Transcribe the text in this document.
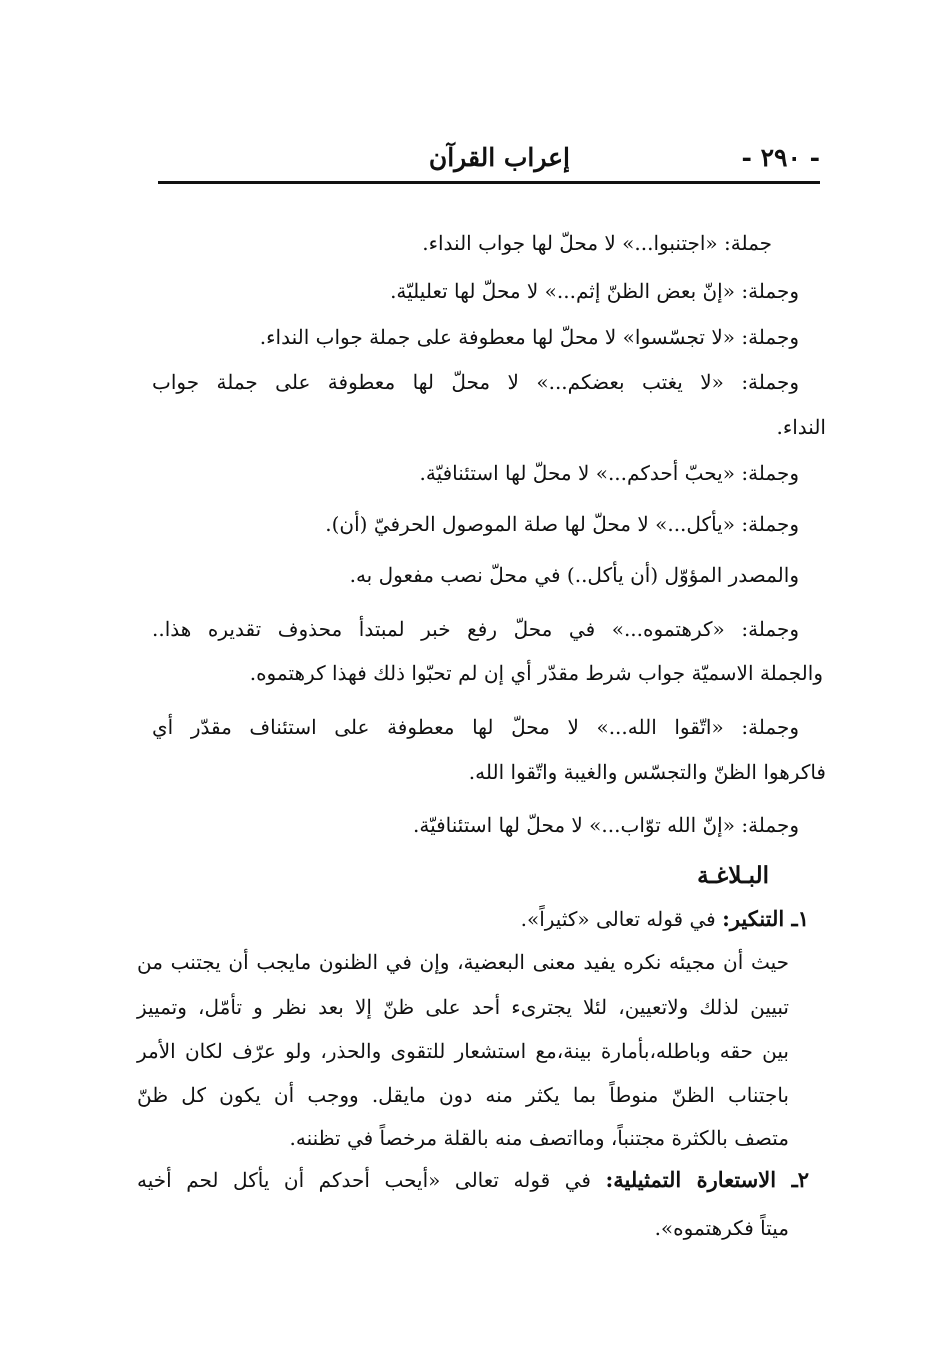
- ٢٩٠ -
إعراب القرآن
جملة: «اجتنبوا...» لا محلّ لها جواب النداء.
وجملة: «إنّ بعض الظنّ إثم...» لا محلّ لها تعليليّة.
وجملة: «لا تجسّسوا» لا محلّ لها معطوفة على جملة جواب النداء.
وجملة: «لا يغتب بعضكم...» لا محلّ لها معطوفة على جملة جواب
النداء.
وجملة: «يحبّ أحدكم...» لا محلّ لها استئنافيّة.
وجملة: «يأكل...» لا محلّ لها صلة الموصول الحرفيّ (أن).
والمصدر المؤوّل (أن يأكل..) في محلّ نصب مفعول به.
وجملة: «كرهتموه...» في محلّ رفع خبر لمبتدأ محذوف تقديره هذا..
والجملة الاسميّة جواب شرط مقدّر أي إن لم تحبّوا ذلك فهذا كرهتموه.
وجملة: «اتّقوا الله...» لا محلّ لها معطوفة على استئناف مقدّر أي
فاكرهوا الظنّ والتجسّس والغيبة واتّقوا الله.
وجملة: «إنّ الله توّاب...» لا محلّ لها استئنافيّة.
البـلاغـة
١ـ التنكير: في قوله تعالى «كثيراً».
حيث أن مجيئه نكره يفيد معنى البعضية، وإن في الظنون مايجب أن يجتنب من
تبيين لذلك ولاتعيين، لئلا يجترىء أحد على ظنّ إلا بعد نظر و تأمّل، وتمييز
بين حقه وباطله،بأمارة بينة،مع استشعار للتقوى والحذر، ولو عرّف لكان الأمر
باجتناب الظنّ منوطاً بما يكثر منه دون مايقل. ووجب أن يكون كل ظنّ
متصف بالكثرة مجتنباً، ومااتصف منه بالقلة مرخصاً في تظننه.
٢ـ الاستعارة التمثيلية: في قوله تعالى «أيحب أحدكم أن يأكل لحم أخيه
ميتاً فكرهتموه».
